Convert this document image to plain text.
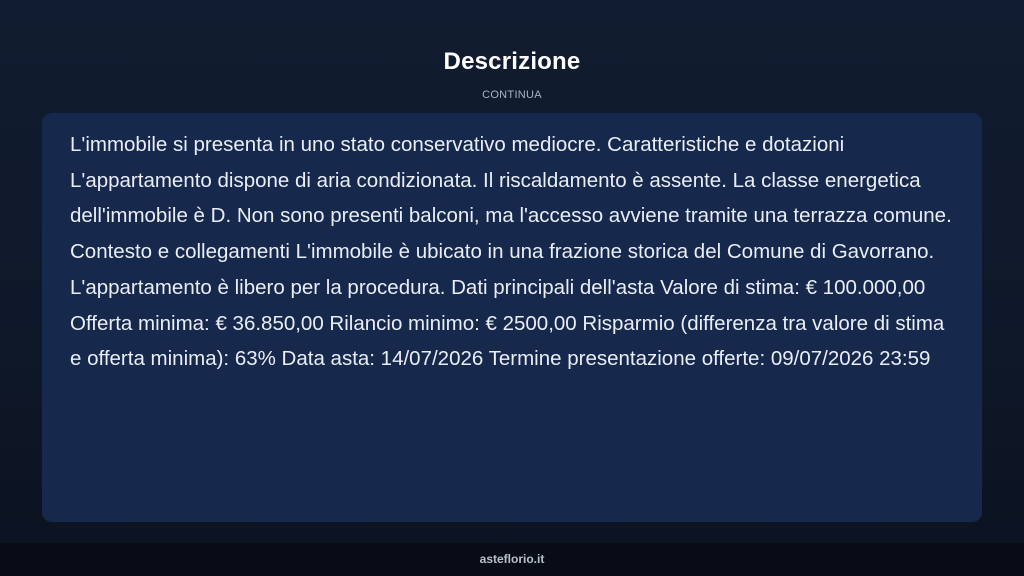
Descrizione
CONTINUA

L'immobile si presenta in uno stato conservativo mediocre. Caratteristiche e dotazioni L'appartamento dispone di aria condizionata. Il riscaldamento è assente. La classe energetica dell'immobile è D. Non sono presenti balconi, ma l'accesso avviene tramite una terrazza comune. Contesto e collegamenti L'immobile è ubicato in una frazione storica del Comune di Gavorrano. L'appartamento è libero per la procedura. Dati principali dell'asta Valore di stima: € 100.000,00 Offerta minima: € 36.850,00 Rilancio minimo: € 2500,00 Risparmio (differenza tra valore di stima e offerta minima): 63% Data asta: 14/07/2026 Termine presentazione offerte: 09/07/2026 23:59

asteflorio.it
